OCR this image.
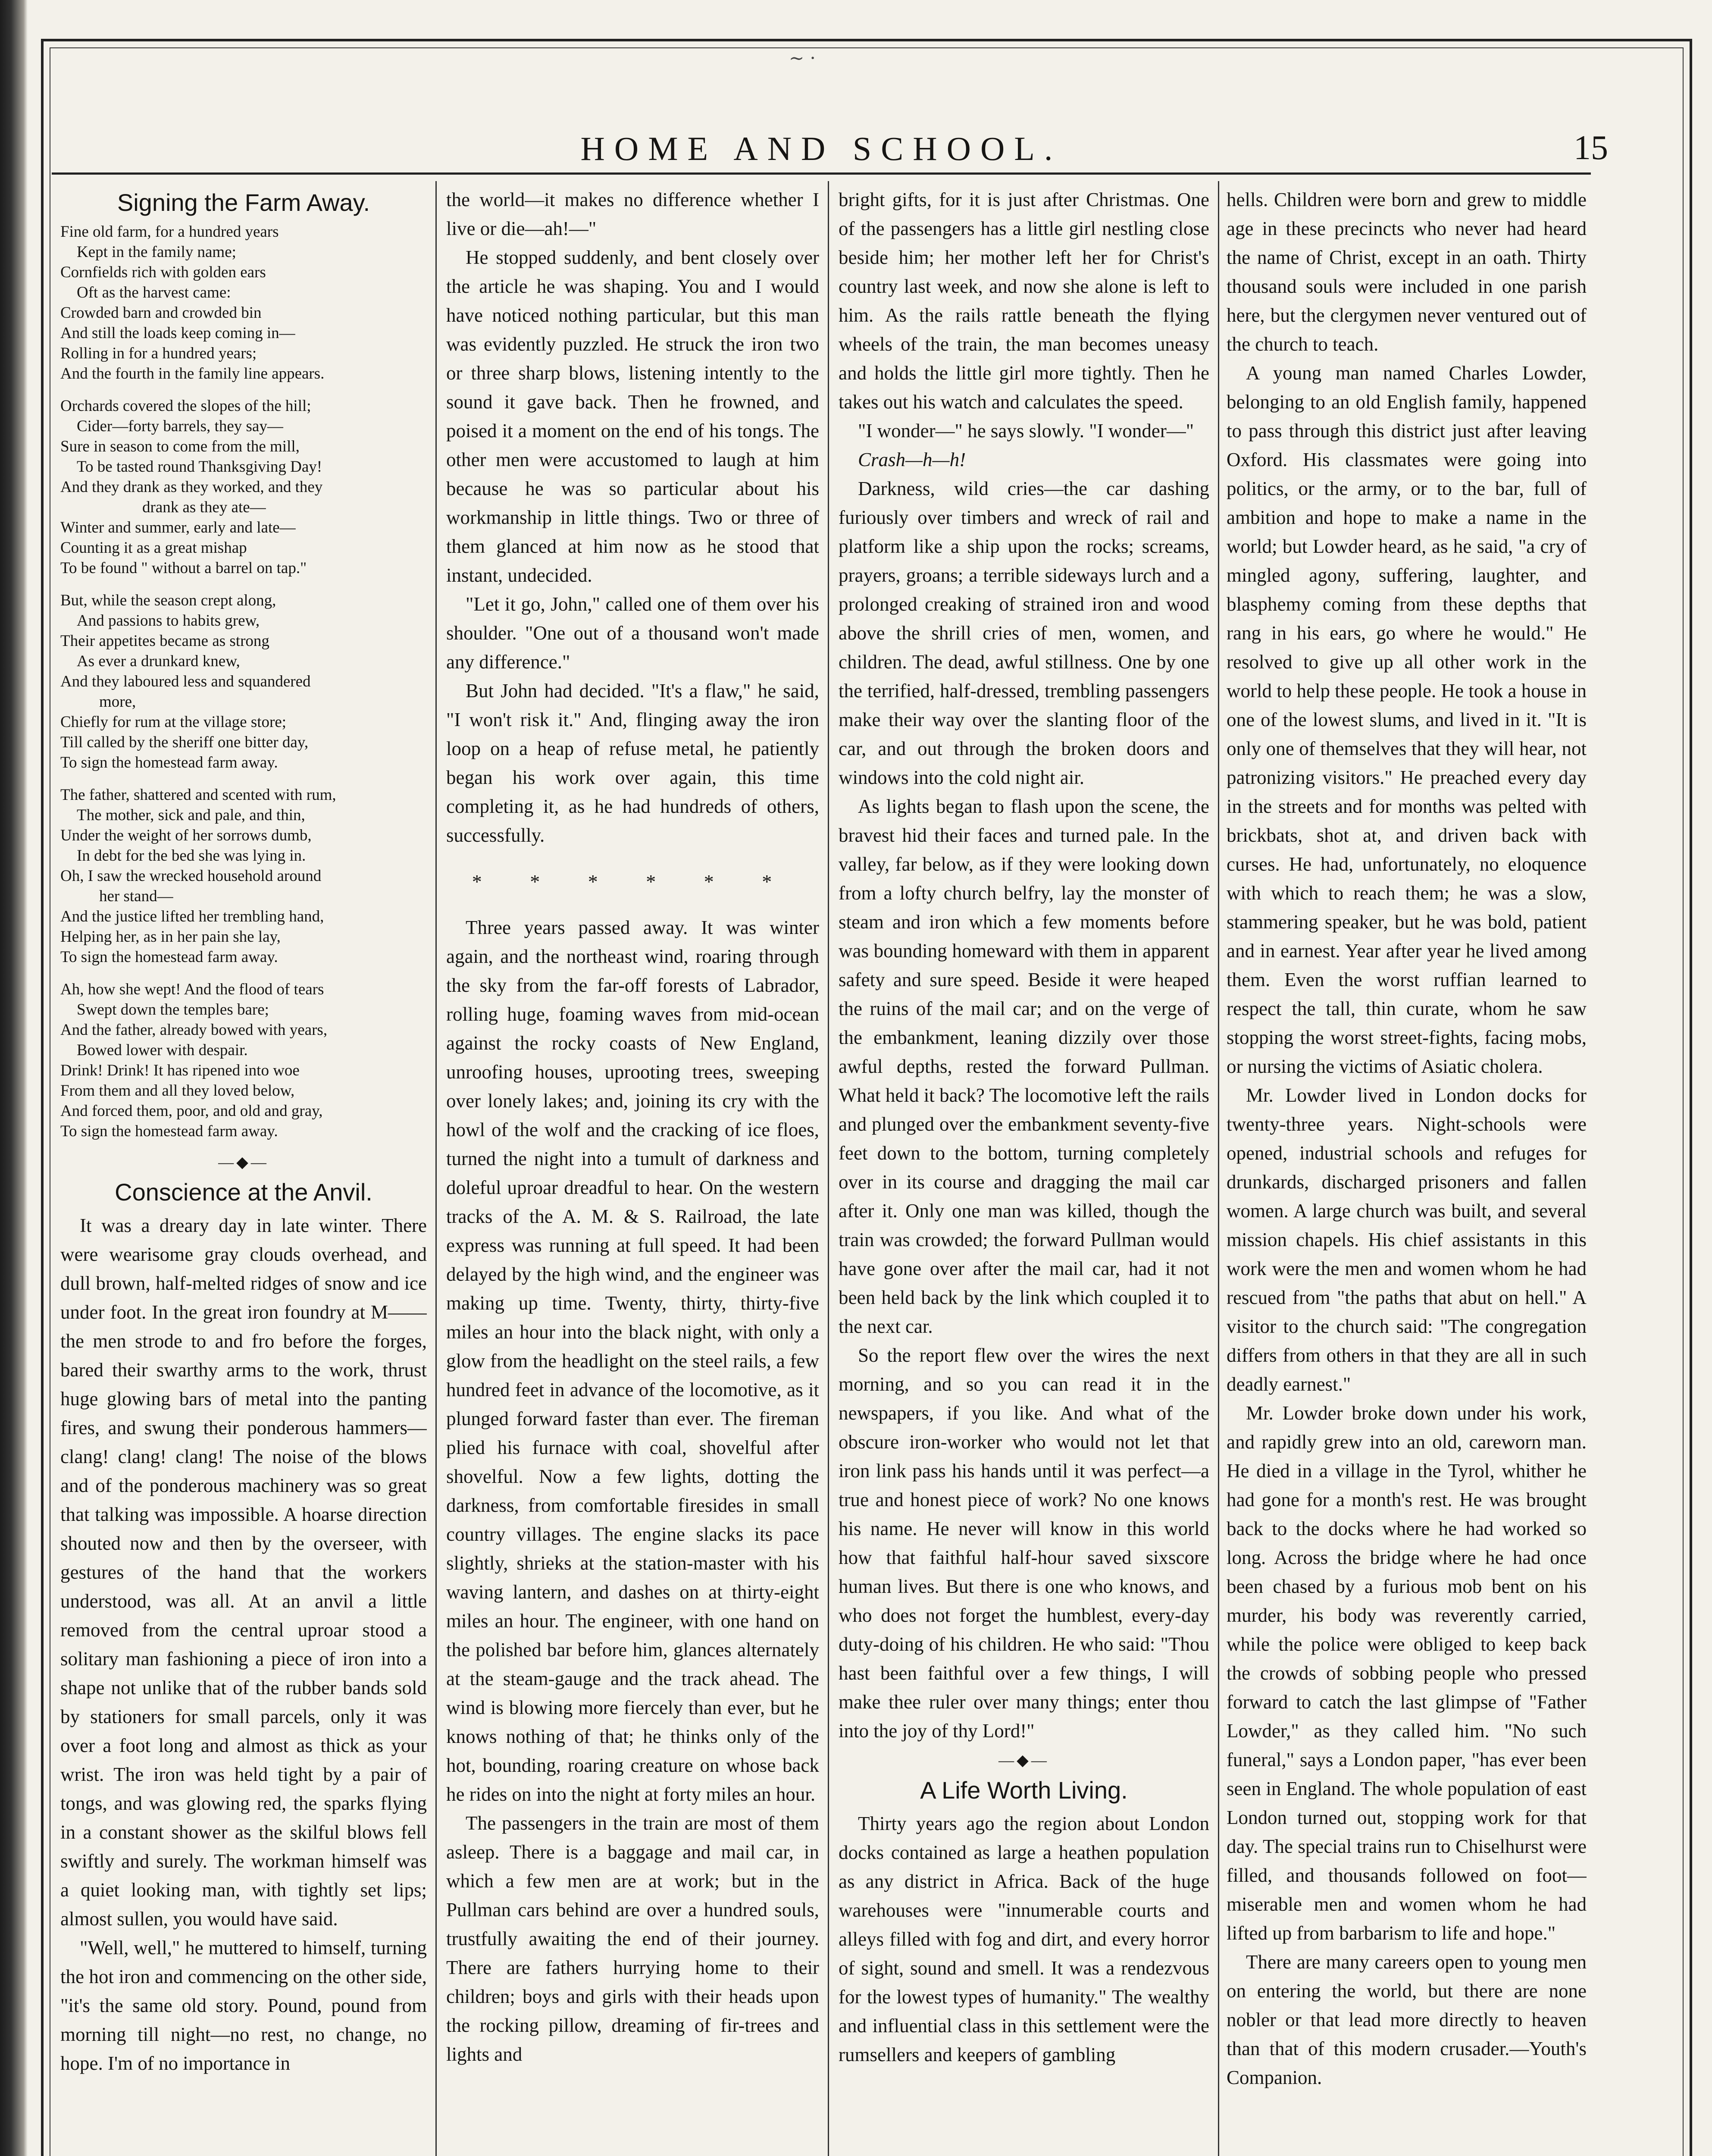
~ ·
HOME AND SCHOOL.	15
Signing the Farm Away.
Fine old farm, for a hundred years
Kept in the family name;
Cornfields rich with golden ears
Oft as the harvest came:
Crowded barn and crowded bin
And still the loads keep coming in—
Rolling in for a hundred years;
And the fourth in the family line appears.
Orchards covered the slopes of the hill;
Cider—forty barrels, they say—
Sure in season to come from the mill,
To be tasted round Thanksgiving Day!
And they drank as they worked, and they
drank as they ate—
Winter and summer, early and late—
Counting it as a great mishap
To be found " without a barrel on tap."
But, while the season crept along,
And passions to habits grew,
Their appetites became as strong
As ever a drunkard knew,
And they laboured less and squandered
more,
Chiefly for rum at the village store;
Till called by the sheriff one bitter day,
To sign the homestead farm away.
The father, shattered and scented with rum,
The mother, sick and pale, and thin,
Under the weight of her sorrows dumb,
In debt for the bed she was lying in.
Oh, I saw the wrecked household around
her stand—
And the justice lifted her trembling hand,
Helping her, as in her pain she lay,
To sign the homestead farm away.
Ah, how she wept! And the flood of tears
Swept down the temples bare;
And the father, already bowed with years,
Bowed lower with despair.
Drink! Drink! It has ripened into woe
From them and all they loved below,
And forced them, poor, and old and gray,
To sign the homestead farm away.
—◆—
Conscience at the Anvil.

It was a dreary day in late winter. There were wearisome gray clouds overhead, and dull brown, half-melted ridges of snow and ice under foot. In the great iron foundry at M—— the men strode to and fro before the forges, bared their swarthy arms to the work, thrust huge glowing bars of metal into the panting fires, and swung their ponderous hammers—clang! clang! clang! The noise of the blows and of the ponderous machinery was so great that talking was impossible. A hoarse direction shouted now and then by the overseer, with gestures of the hand that the workers understood, was all. At an anvil a little removed from the central uproar stood a solitary man fashioning a piece of iron into a shape not unlike that of the rubber bands sold by stationers for small parcels, only it was over a foot long and almost as thick as your wrist. The iron was held tight by a pair of tongs, and was glowing red, the sparks flying in a constant shower as the skilful blows fell swiftly and surely. The workman himself was a quiet looking man, with tightly set lips; almost sullen, you would have said.

"Well, well," he muttered to himself, turning the hot iron and commencing on the other side, "it's the same old story. Pound, pound from morning till night—no rest, no change, no hope. I'm of no importance in

the world—it makes no difference whether I live or die—ah!—"

He stopped suddenly, and bent closely over the article he was shaping. You and I would have noticed nothing particular, but this man was evidently puzzled. He struck the iron two or three sharp blows, listening intently to the sound it gave back. Then he frowned, and poised it a moment on the end of his tongs. The other men were accustomed to laugh at him because he was so particular about his workmanship in little things. Two or three of them glanced at him now as he stood that instant, undecided.

"Let it go, John," called one of them over his shoulder. "One out of a thousand won't made any difference."

But John had decided. "It's a flaw," he said, "I won't risk it." And, flinging away the iron loop on a heap of refuse metal, he patiently began his work over again, this time completing it, as he had hundreds of others, successfully.

* * * * * *

Three years passed away. It was winter again, and the northeast wind, roaring through the sky from the far-off forests of Labrador, rolling huge, foaming waves from mid-ocean against the rocky coasts of New England, unroofing houses, uprooting trees, sweeping over lonely lakes; and, joining its cry with the howl of the wolf and the cracking of ice floes, turned the night into a tumult of darkness and doleful uproar dreadful to hear. On the western tracks of the A. M. & S. Railroad, the late express was running at full speed. It had been delayed by the high wind, and the engineer was making up time. Twenty, thirty, thirty-five miles an hour into the black night, with only a glow from the headlight on the steel rails, a few hundred feet in advance of the locomotive, as it plunged forward faster than ever. The fireman plied his furnace with coal, shovelful after shovelful. Now a few lights, dotting the darkness, from comfortable firesides in small country villages. The engine slacks its pace slightly, shrieks at the station-master with his waving lantern, and dashes on at thirty-eight miles an hour. The engineer, with one hand on the polished bar before him, glances alternately at the steam-gauge and the track ahead. The wind is blowing more fiercely than ever, but he knows nothing of that; he thinks only of the hot, bounding, roaring creature on whose back he rides on into the night at forty miles an hour.

The passengers in the train are most of them asleep. There is a baggage and mail car, in which a few men are at work; but in the Pullman cars behind are over a hundred souls, trustfully awaiting the end of their journey. There are fathers hurrying home to their children; boys and girls with their heads upon the rocking pillow, dreaming of fir-trees and lights and

bright gifts, for it is just after Christmas. One of the passengers has a little girl nestling close beside him; her mother left her for Christ's country last week, and now she alone is left to him. As the rails rattle beneath the flying wheels of the train, the man becomes uneasy and holds the little girl more tightly. Then he takes out his watch and calculates the speed.

"I wonder—" he says slowly. "I wonder—"

Crash—h—h!

Darkness, wild cries—the car dashing furiously over timbers and wreck of rail and platform like a ship upon the rocks; screams, prayers, groans; a terrible sideways lurch and a prolonged creaking of strained iron and wood above the shrill cries of men, women, and children. The dead, awful stillness. One by one the terrified, half-dressed, trembling passengers make their way over the slanting floor of the car, and out through the broken doors and windows into the cold night air.

As lights began to flash upon the scene, the bravest hid their faces and turned pale. In the valley, far below, as if they were looking down from a lofty church belfry, lay the monster of steam and iron which a few moments before was bounding homeward with them in apparent safety and sure speed. Beside it were heaped the ruins of the mail car; and on the verge of the embankment, leaning dizzily over those awful depths, rested the forward Pullman. What held it back? The locomotive left the rails and plunged over the embankment seventy-five feet down to the bottom, turning completely over in its course and dragging the mail car after it. Only one man was killed, though the train was crowded; the forward Pullman would have gone over after the mail car, had it not been held back by the link which coupled it to the next car.

So the report flew over the wires the next morning, and so you can read it in the newspapers, if you like. And what of the obscure iron-worker who would not let that iron link pass his hands until it was perfect—a true and honest piece of work? No one knows his name. He never will know in this world how that faithful half-hour saved sixscore human lives. But there is one who knows, and who does not forget the humblest, every-day duty-doing of his children. He who said: "Thou hast been faithful over a few things, I will make thee ruler over many things; enter thou into the joy of thy Lord!"

—◆—
A Life Worth Living.

Thirty years ago the region about London docks contained as large a heathen population as any district in Africa. Back of the huge warehouses were "innumerable courts and alleys filled with fog and dirt, and every horror of sight, sound and smell. It was a rendezvous for the lowest types of humanity." The wealthy and influential class in this settlement were the rumsellers and keepers of gambling

hells. Children were born and grew to middle age in these precincts who never had heard the name of Christ, except in an oath. Thirty thousand souls were included in one parish here, but the clergymen never ventured out of the church to teach.

A young man named Charles Lowder, belonging to an old English family, happened to pass through this district just after leaving Oxford. His classmates were going into politics, or the army, or to the bar, full of ambition and hope to make a name in the world; but Lowder heard, as he said, "a cry of mingled agony, suffering, laughter, and blasphemy coming from these depths that rang in his ears, go where he would." He resolved to give up all other work in the world to help these people. He took a house in one of the lowest slums, and lived in it. "It is only one of themselves that they will hear, not patronizing visitors." He preached every day in the streets and for months was pelted with brickbats, shot at, and driven back with curses. He had, unfortunately, no eloquence with which to reach them; he was a slow, stammering speaker, but he was bold, patient and in earnest. Year after year he lived among them. Even the worst ruffian learned to respect the tall, thin curate, whom he saw stopping the worst street-fights, facing mobs, or nursing the victims of Asiatic cholera.

Mr. Lowder lived in London docks for twenty-three years. Night-schools were opened, industrial schools and refuges for drunkards, discharged prisoners and fallen women. A large church was built, and several mission chapels. His chief assistants in this work were the men and women whom he had rescued from "the paths that abut on hell." A visitor to the church said: "The congregation differs from others in that they are all in such deadly earnest."

Mr. Lowder broke down under his work, and rapidly grew into an old, careworn man. He died in a village in the Tyrol, whither he had gone for a month's rest. He was brought back to the docks where he had worked so long. Across the bridge where he had once been chased by a furious mob bent on his murder, his body was reverently carried, while the police were obliged to keep back the crowds of sobbing people who pressed forward to catch the last glimpse of "Father Lowder," as they called him. "No such funeral," says a London paper, "has ever been seen in England. The whole population of east London turned out, stopping work for that day. The special trains run to Chiselhurst were filled, and thousands followed on foot—miserable men and women whom he had lifted up from barbarism to life and hope."

There are many careers open to young men on entering the world, but there are none nobler or that lead more directly to heaven than that of this modern crusader.—Youth's Companion.
